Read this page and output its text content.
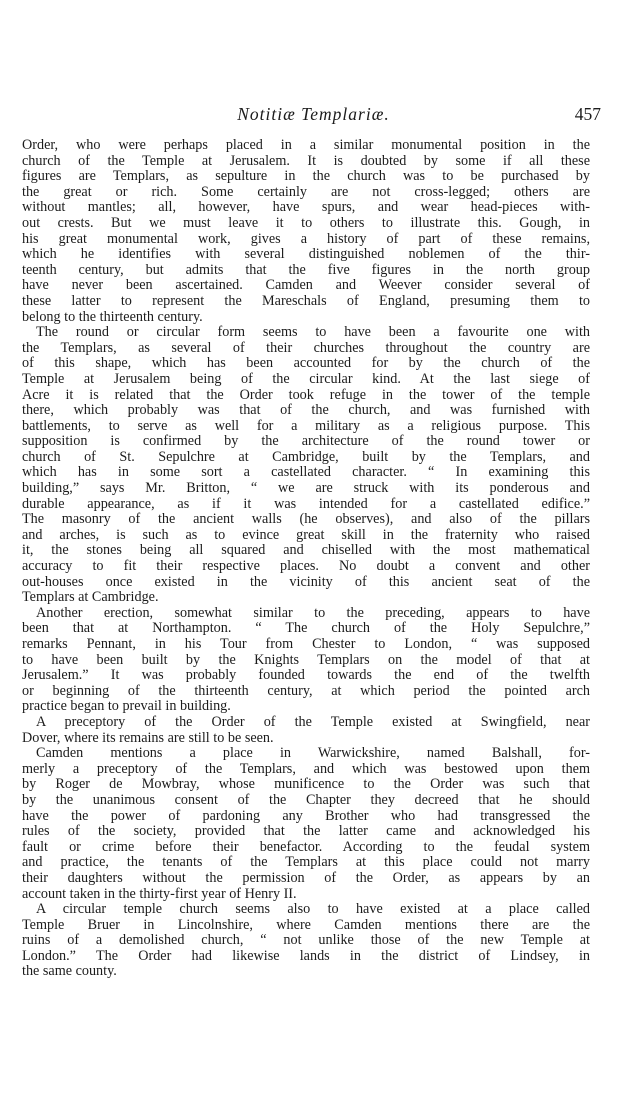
Notitiæ Templariæ.	457
Order, who were perhaps placed in a similar monumental position in the
church of the Temple at Jerusalem. It is doubted by some if all these
figures are Templars, as sepulture in the church was to be purchased by
the great or rich. Some certainly are not cross-legged; others are
without mantles; all, however, have spurs, and wear head-pieces with-
out crests. But we must leave it to others to illustrate this. Gough, in
his great monumental work, gives a history of part of these remains,
which he identifies with several distinguished noblemen of the thir-
teenth century, but admits that the five figures in the north group
have never been ascertained. Camden and Weever consider several of
these latter to represent the Mareschals of England, presuming them to
belong to the thirteenth century.
The round or circular form seems to have been a favourite one with
the Templars, as several of their churches throughout the country are
of this shape, which has been accounted for by the church of the
Temple at Jerusalem being of the circular kind. At the last siege of
Acre it is related that the Order took refuge in the tower of the temple
there, which probably was that of the church, and was furnished with
battlements, to serve as well for a military as a religious purpose. This
supposition is confirmed by the architecture of the round tower or
church of St. Sepulchre at Cambridge, built by the Templars, and
which has in some sort a castellated character. “ In examining this
building,” says Mr. Britton, “ we are struck with its ponderous and
durable appearance, as if it was intended for a castellated edifice.”
The masonry of the ancient walls (he observes), and also of the pillars
and arches, is such as to evince great skill in the fraternity who raised
it, the stones being all squared and chiselled with the most mathematical
accuracy to fit their respective places. No doubt a convent and other
out-houses once existed in the vicinity of this ancient seat of the
Templars at Cambridge.
Another erection, somewhat similar to the preceding, appears to have
been that at Northampton. “ The church of the Holy Sepulchre,”
remarks Pennant, in his Tour from Chester to London, “ was supposed
to have been built by the Knights Templars on the model of that at
Jerusalem.” It was probably founded towards the end of the twelfth
or beginning of the thirteenth century, at which period the pointed arch
practice began to prevail in building.
A preceptory of the Order of the Temple existed at Swingfield, near
Dover, where its remains are still to be seen.
Camden mentions a place in Warwickshire, named Balshall, for-
merly a preceptory of the Templars, and which was bestowed upon them
by Roger de Mowbray, whose munificence to the Order was such that
by the unanimous consent of the Chapter they decreed that he should
have the power of pardoning any Brother who had transgressed the
rules of the society, provided that the latter came and acknowledged his
fault or crime before their benefactor. According to the feudal system
and practice, the tenants of the Templars at this place could not marry
their daughters without the permission of the Order, as appears by an
account taken in the thirty-first year of Henry II.
A circular temple church seems also to have existed at a place called
Temple Bruer in Lincolnshire, where Camden mentions there are the
ruins of a demolished church, “ not unlike those of the new Temple at
London.” The Order had likewise lands in the district of Lindsey, in
the same county.
